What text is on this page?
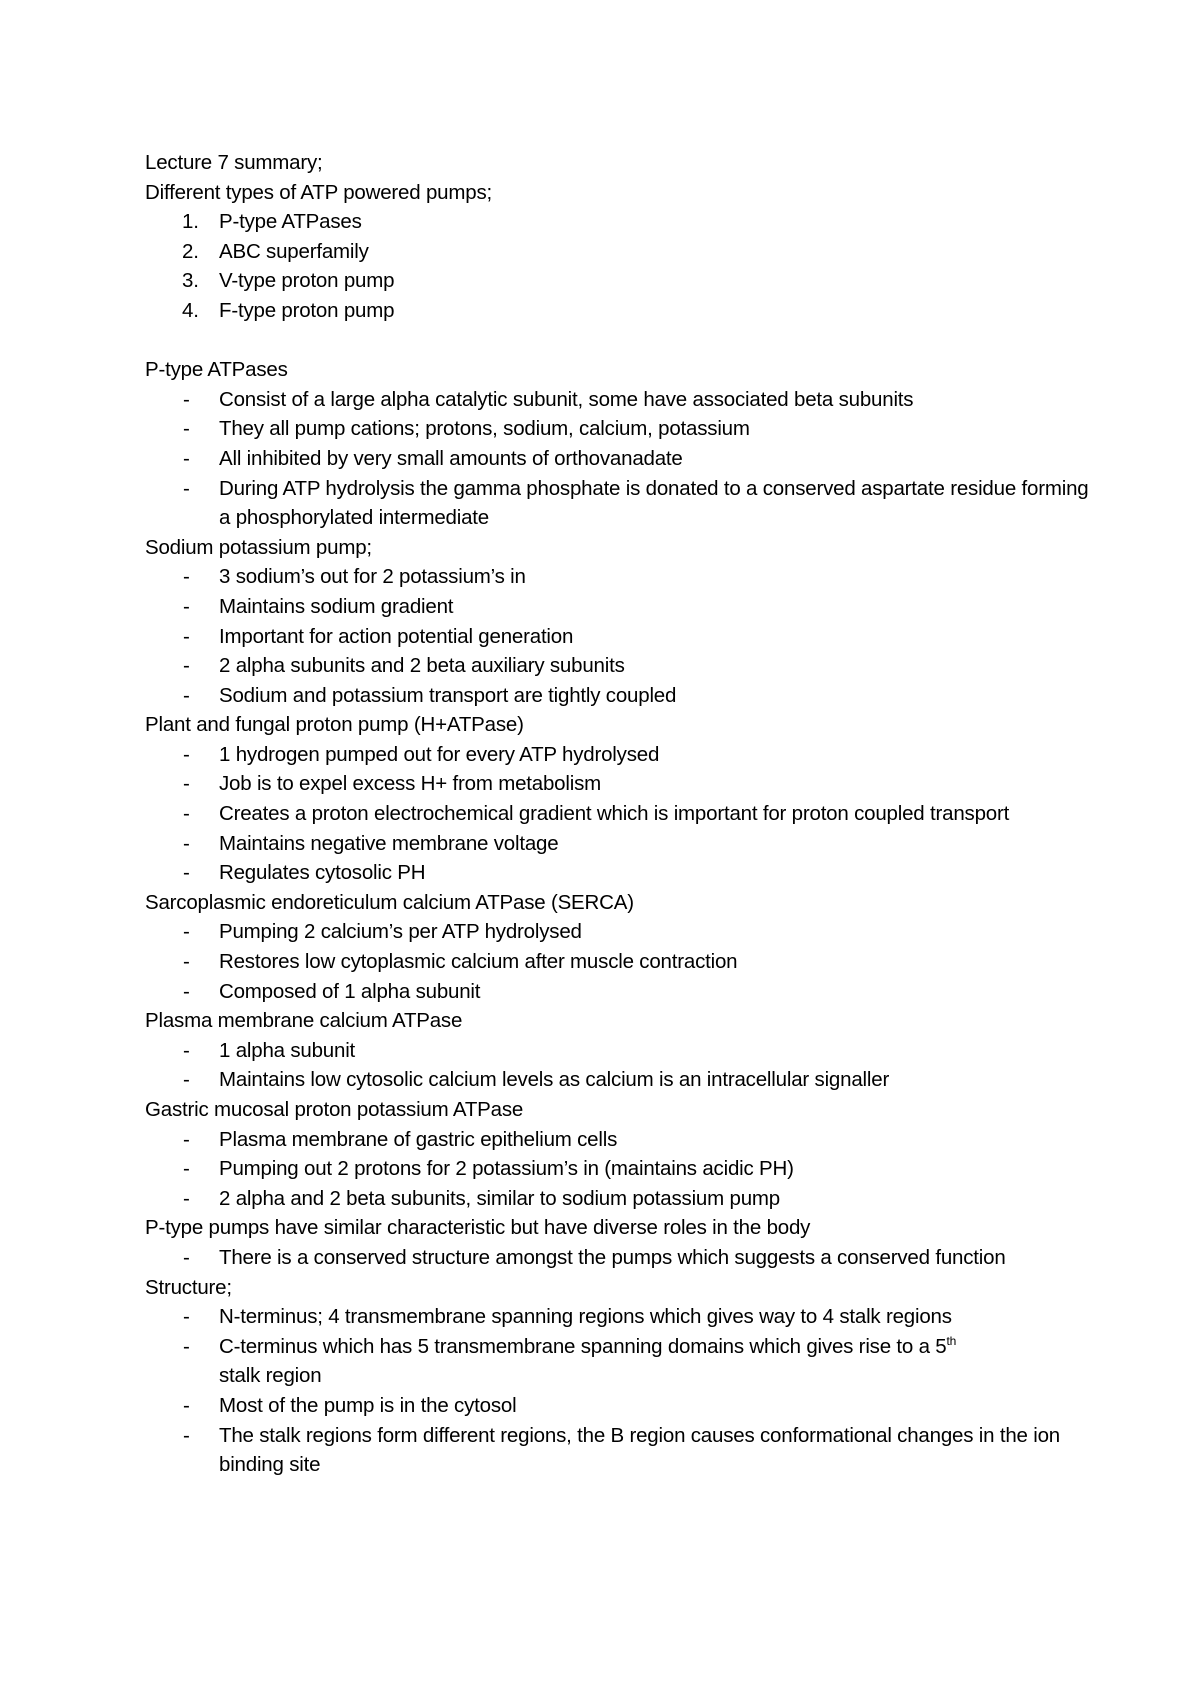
Lecture 7 summary;

Different types of ATP powered pumps;

1. P-type ATPases
2. ABC superfamily
3. V-type proton pump
4. F-type proton pump

P-type ATPases

- Consist of a large alpha catalytic subunit, some have associated beta subunits
- They all pump cations; protons, sodium, calcium, potassium
- All inhibited by very small amounts of orthovanadate
- During ATP hydrolysis the gamma phosphate is donated to a conserved aspartate residue forming a phosphorylated intermediate

Sodium potassium pump;

- 3 sodium’s out for 2 potassium’s in
- Maintains sodium gradient
- Important for action potential generation
- 2 alpha subunits and 2 beta auxiliary subunits
- Sodium and potassium transport are tightly coupled

Plant and fungal proton pump (H+ATPase)

- 1 hydrogen pumped out for every ATP hydrolysed
- Job is to expel excess H+ from metabolism
- Creates a proton electrochemical gradient which is important for proton coupled transport
- Maintains negative membrane voltage
- Regulates cytosolic PH

Sarcoplasmic endoreticulum calcium ATPase (SERCA)

- Pumping 2 calcium’s per ATP hydrolysed
- Restores low cytoplasmic calcium after muscle contraction
- Composed of 1 alpha subunit

Plasma membrane calcium ATPase

- 1 alpha subunit
- Maintains low cytosolic calcium levels as calcium is an intracellular signaller

Gastric mucosal proton potassium ATPase

- Plasma membrane of gastric epithelium cells
- Pumping out 2 protons for 2 potassium’s in (maintains acidic PH)
- 2 alpha and 2 beta subunits, similar to sodium potassium pump

P-type pumps have similar characteristic but have diverse roles in the body

- There is a conserved structure amongst the pumps which suggests a conserved function

Structure;

- N-terminus; 4 transmembrane spanning regions which gives way to 4 stalk regions
- C-terminus which has 5 transmembrane spanning domains which gives rise to a 5th
stalk region
- Most of the pump is in the cytosol
- The stalk regions form different regions, the B region causes conformational changes in the ion binding site
